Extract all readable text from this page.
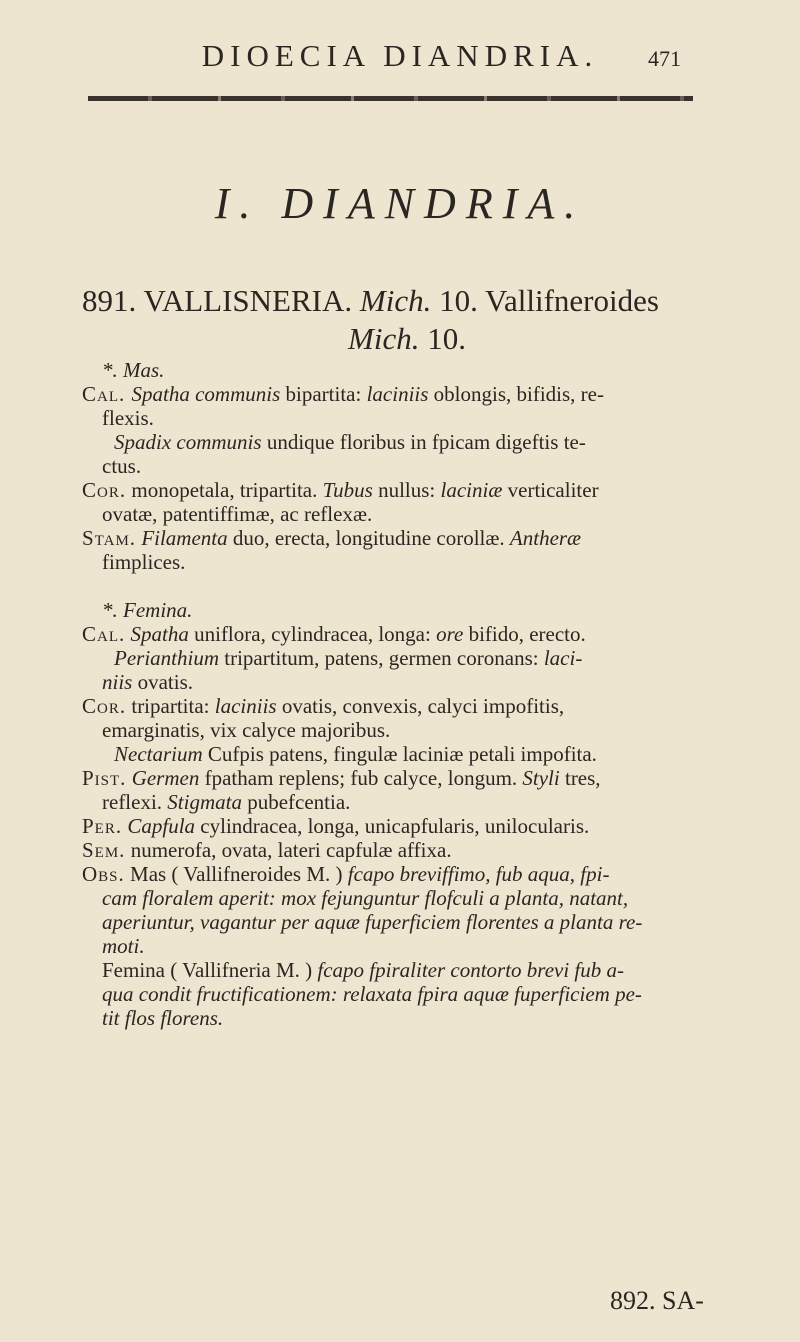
DIOECIA DIANDRIA.	471
I. DIANDRIA.
891. VALLISNERIA. Mich. 10. Vallifneroides
Mich. 10.
*. Mas.
Cal. Spatha communis bipartita: laciniis oblongis, bifidis, re-
flexis.
Spadix communis undique floribus in fpicam digeftis te-
ctus.
Cor. monopetala, tripartita. Tubus nullus: laciniæ verticaliter
ovatæ, patentiffimæ, ac reflexæ.
Stam. Filamenta duo, erecta, longitudine corollæ. Antheræ
fimplices.
*. Femina.
Cal. Spatha uniflora, cylindracea, longa: ore bifido, erecto.
Perianthium tripartitum, patens, germen coronans: laci-
niis ovatis.
Cor. tripartita: laciniis ovatis, convexis, calyci impofitis,
emarginatis, vix calyce majoribus.
Nectarium Cufpis patens, fingulæ laciniæ petali impofita.
Pist. Germen fpatham replens; fub calyce, longum. Styli tres,
reflexi. Stigmata pubefcentia.
Per. Capfula cylindracea, longa, unicapfularis, unilocularis.
Sem. numerofa, ovata, lateri capfulæ affixa.
Obs. Mas ( Vallifneroides M. ) fcapo breviffimo, fub aqua, fpi-
cam floralem aperit: mox fejunguntur flofculi a planta, natant,
aperiuntur, vagantur per aquæ fuperficiem florentes a planta re-
moti.
Femina ( Vallifneria M. ) fcapo fpiraliter contorto brevi fub a-
qua condit fructificationem: relaxata fpira aquæ fuperficiem pe-
tit flos florens.
892. SA-
